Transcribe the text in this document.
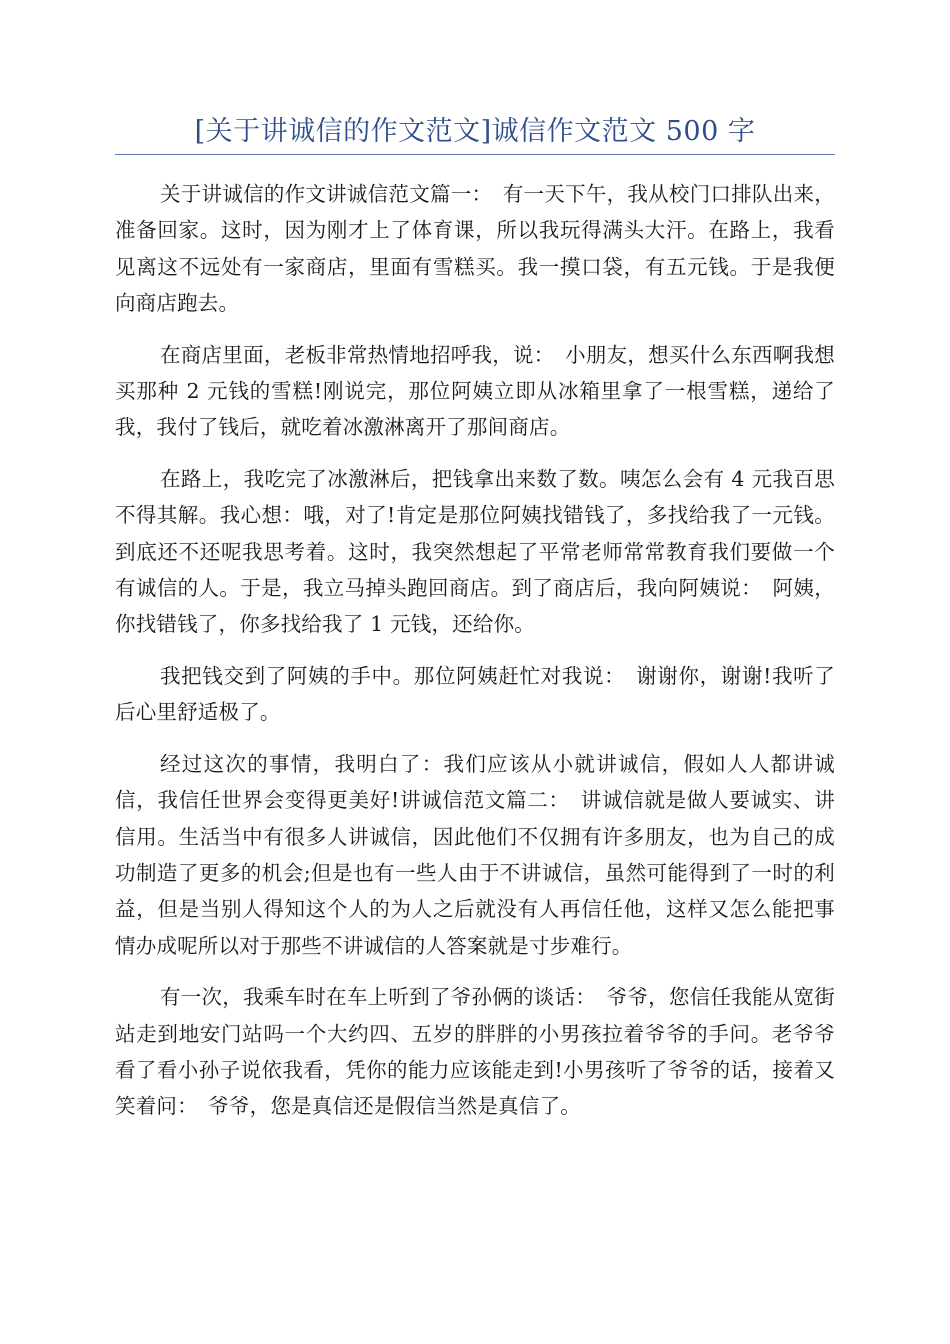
[关于讲诚信的作文范文]诚信作文范文 500 字

关于讲诚信的作文讲诚信范文篇一：　有一天下午，我从校门口排队出来，准备回家。这时，因为刚才上了体育课，所以我玩得满头大汗。在路上，我看见离这不远处有一家商店，里面有雪糕买。我一摸口袋，有五元钱。于是我便向商店跑去。

在商店里面，老板非常热情地招呼我，说：　小朋友，想买什么东西啊我想买那种 2 元钱的雪糕!刚说完，那位阿姨立即从冰箱里拿了一根雪糕，递给了我，我付了钱后，就吃着冰激淋离开了那间商店。

在路上，我吃完了冰激淋后，把钱拿出来数了数。咦怎么会有 4 元我百思不得其解。我心想：哦，对了!肯定是那位阿姨找错钱了，多找给我了一元钱。到底还不还呢我思考着。这时，我突然想起了平常老师常常教育我们要做一个有诚信的人。于是，我立马掉头跑回商店。到了商店后，我向阿姨说：　阿姨，你找错钱了，你多找给我了 1 元钱，还给你。

我把钱交到了阿姨的手中。那位阿姨赶忙对我说：　谢谢你，谢谢!我听了后心里舒适极了。

经过这次的事情，我明白了：我们应该从小就讲诚信，假如人人都讲诚信，我信任世界会变得更美好!讲诚信范文篇二：　讲诚信就是做人要诚实、讲信用。生活当中有很多人讲诚信，因此他们不仅拥有许多朋友，也为自己的成功制造了更多的机会;但是也有一些人由于不讲诚信，虽然可能得到了一时的利益，但是当别人得知这个人的为人之后就没有人再信任他，这样又怎么能把事情办成呢所以对于那些不讲诚信的人答案就是寸步难行。

有一次，我乘车时在车上听到了爷孙俩的谈话：　爷爷，您信任我能从宽街站走到地安门站吗一个大约四、五岁的胖胖的小男孩拉着爷爷的手问。老爷爷看了看小孙子说依我看，凭你的能力应该能走到!小男孩听了爷爷的话，接着又笑着问：　爷爷，您是真信还是假信当然是真信了。
